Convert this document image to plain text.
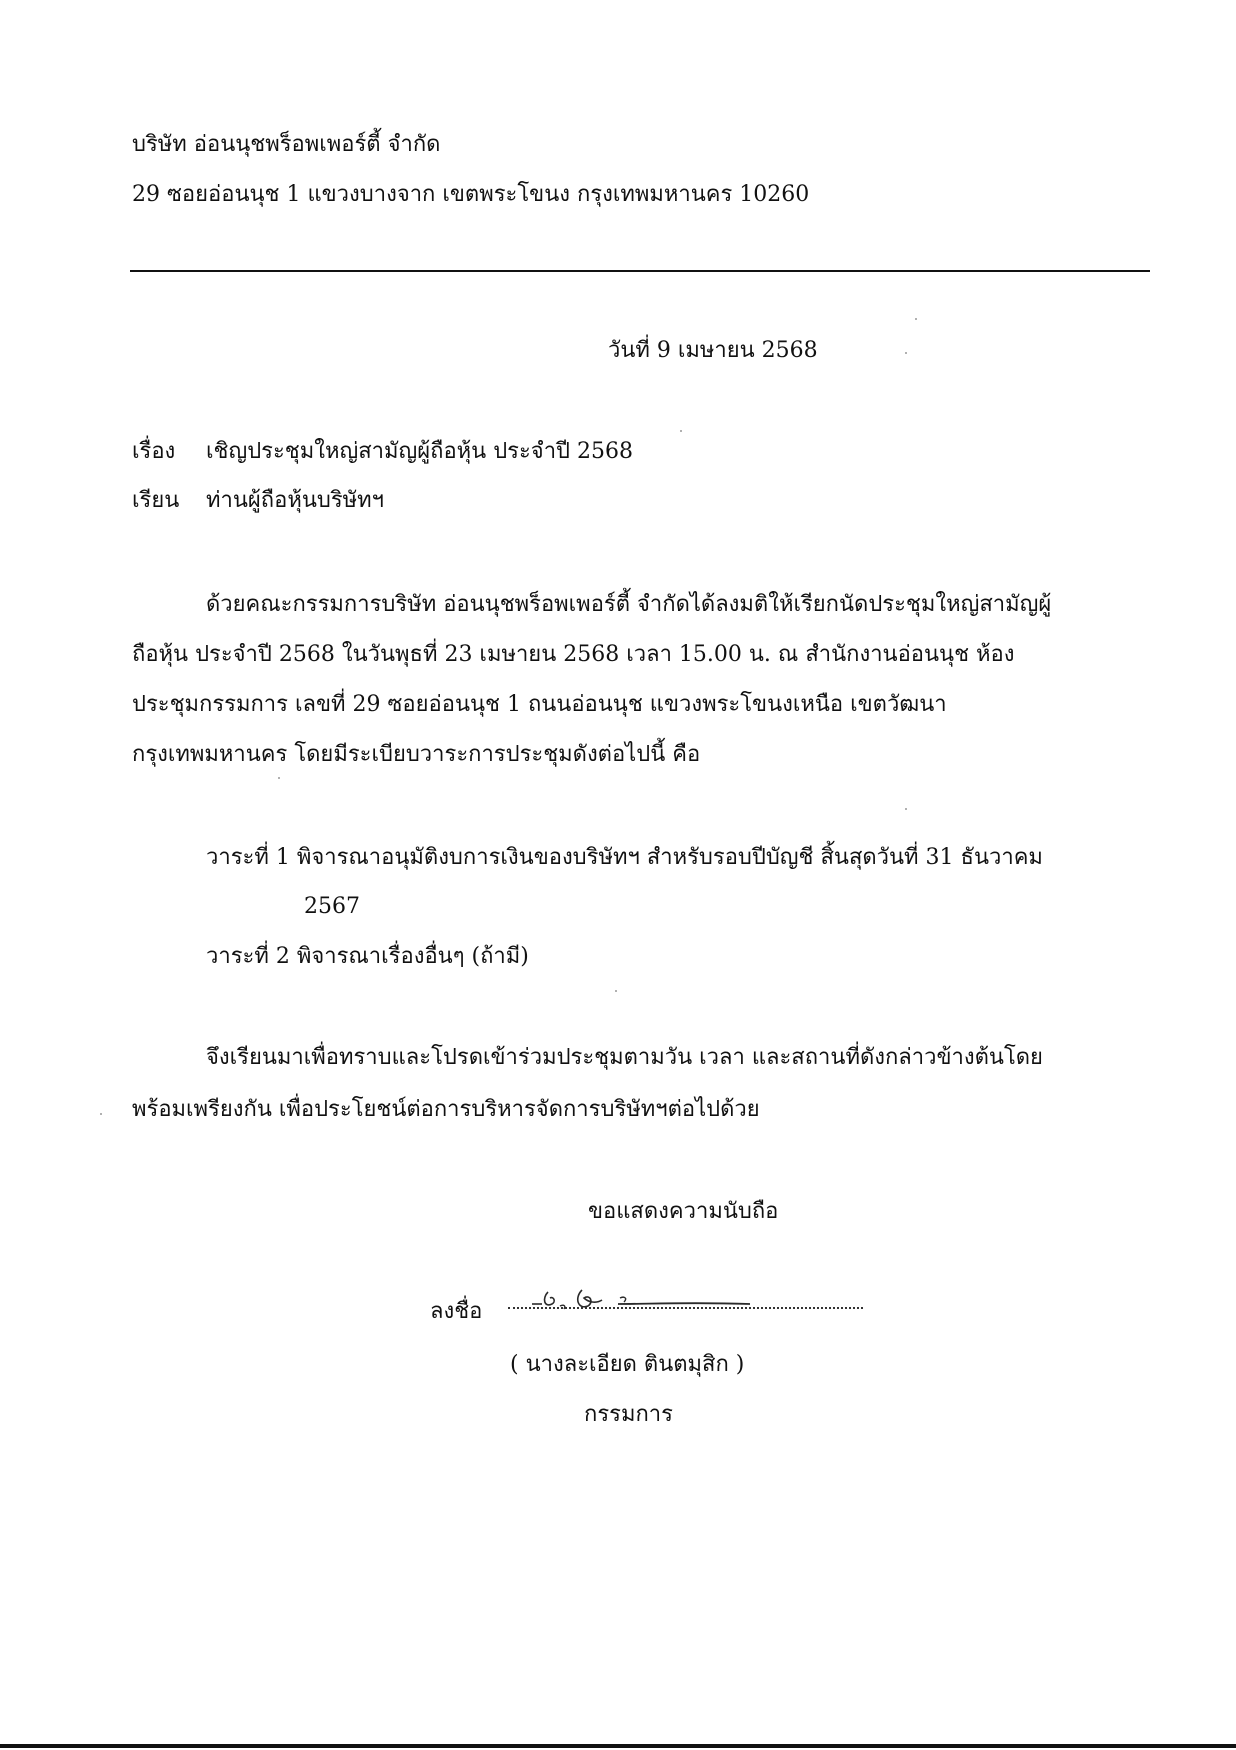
บริษัท อ่อนนุชพร็อพเพอร์ตี้ จำกัด
29 ซอยอ่อนนุช 1 แขวงบางจาก เขตพระโขนง กรุงเทพมหานคร 10260
วันที่ 9 เมษายน 2568
เรื่อง เชิญประชุมใหญ่สามัญผู้ถือหุ้น ประจำปี 2568
เรียน ท่านผู้ถือหุ้นบริษัทฯ
ด้วยคณะกรรมการบริษัท อ่อนนุชพร็อพเพอร์ตี้ จำกัดได้ลงมติให้เรียกนัดประชุมใหญ่สามัญผู้
ถือหุ้น ประจำปี 2568 ในวันพุธที่ 23 เมษายน 2568 เวลา 15.00 น. ณ สำนักงานอ่อนนุช ห้อง
ประชุมกรรมการ เลขที่ 29 ซอยอ่อนนุช 1 ถนนอ่อนนุช แขวงพระโขนงเหนือ เขตวัฒนา
กรุงเทพมหานคร โดยมีระเบียบวาระการประชุมดังต่อไปนี้ คือ
วาระที่ 1 พิจารณาอนุมัติงบการเงินของบริษัทฯ สำหรับรอบปีบัญชี สิ้นสุดวันที่ 31 ธันวาคม
2567
วาระที่ 2 พิจารณาเรื่องอื่นๆ (ถ้ามี)
จึงเรียนมาเพื่อทราบและโปรดเข้าร่วมประชุมตามวัน เวลา และสถานที่ดังกล่าวข้างต้นโดย
พร้อมเพรียงกัน เพื่อประโยชน์ต่อการบริหารจัดการบริษัทฯต่อไปด้วย
ขอแสดงความนับถือ
ลงชื่อ
( นางละเอียด ตินตมุสิก )
กรรมการ
